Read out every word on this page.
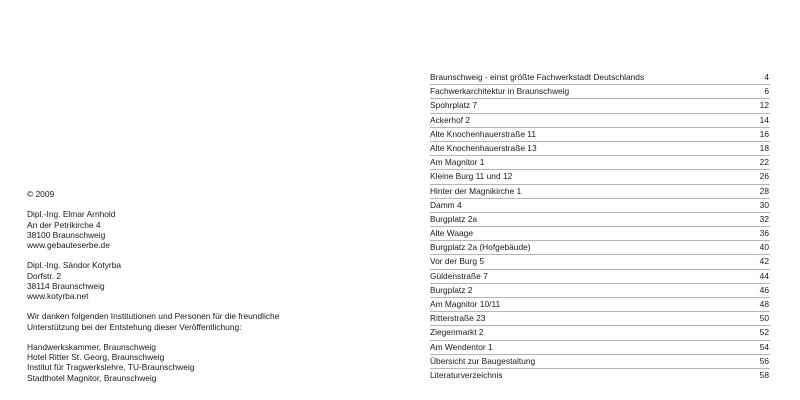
© 2009

Dipl.-Ing. Elmar Arnhold

An der Petrikirche 4

38100 Braunschweig

www.gebauteserbe.de

Dipl.-Ing. Sándor Kotyrba

Dorfstr. 2

38114 Braunschweig

www.kotyrba.net

Wir danken folgenden Institutionen und Personen für die freundliche

Unterstützung bei der Entstehung dieser Veröffentlichung:

Handwerkskammer, Braunschweig

Hotel Ritter St. Georg, Braunschweig

Institut für Tragwerkslehre, TU-Braunschweig

Stadthotel Magnitor, Braunschweig

Braunschweig - einst größte Fachwerkstadt Deutschlands	4
Fachwerkarchitektur in Braunschweig	6
Spohrplatz 7	12
Ackerhof 2	14
Alte Knochenhauerstraße 11	16
Alte Knochenhauerstraße 13	18
Am Magnitor 1	22
Kleine Burg 11 und 12	26
Hinter der Magnikirche 1	28
Damm 4	30
Burgplatz 2a	32
Alte Waage	36
Burgplatz 2a (Hofgebäude)	40
Vor der Burg 5	42
Güldenstraße 7	44
Burgplatz 2	46
Am Magnitor 10/11	48
Ritterstraße 23	50
Ziegenmarkt 2	52
Am Wendentor 1	54
Übersicht zur Baugestaltung	56
Literaturverzeichnis	58
